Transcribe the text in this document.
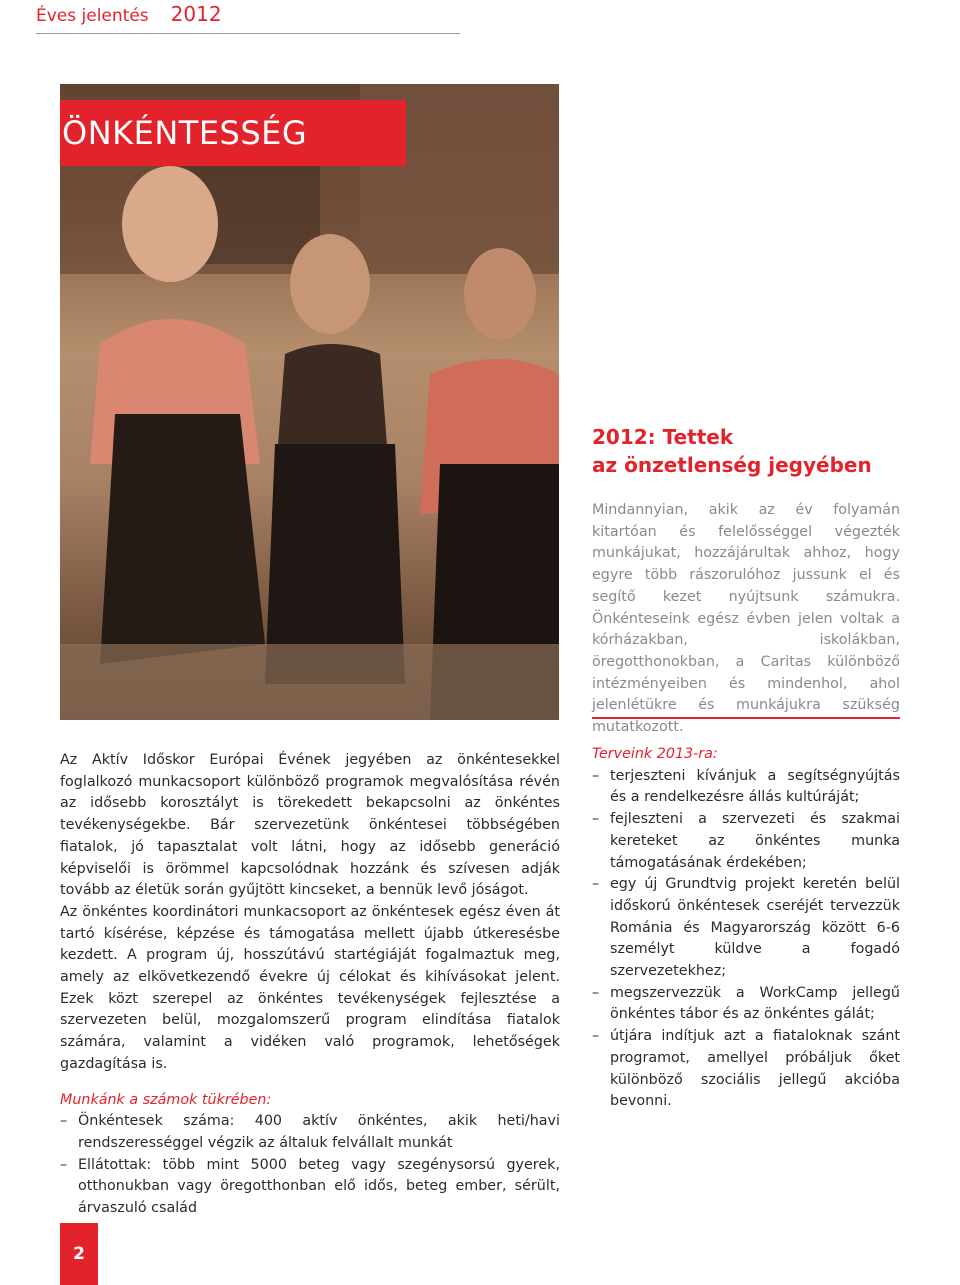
Éves jelentés 2012
ÖNKÉNTESSÉG
2012: Tettek
az önzetlenség jegyében
Mindannyian, akik az év folyamán kitartóan és felelősséggel végezték munkájukat, hozzájárultak ahhoz, hogy egyre több rászorulóhoz jussunk el és segítő kezet nyújtsunk számukra. Önkénteseink egész évben jelen voltak a kórházakban, iskolákban, öregotthonokban, a Caritas különböző intézményeiben és mindenhol, ahol jelenlétükre és munkájukra szükség mutatkozott.

Az Aktív Időskor Európai Évének jegyében az önkéntesekkel foglalkozó munkacsoport különböző programok megvalósítása révén az idősebb korosztályt is törekedett bekapcsolni az önkéntes tevékenységekbe. Bár szervezetünk önkéntesei többségében fiatalok, jó tapasztalat volt látni, hogy az idősebb generáció képviselői is örömmel kapcsolódnak hozzánk és szívesen adják tovább az életük során gyűjtött kincseket, a bennük levő jóságot.

Az önkéntes koordinátori munkacsoport az önkéntesek egész éven át tartó kísérése, képzése és támogatása mellett újabb útkeresésbe kezdett. A program új, hosszútávú startégiáját fogalmaztuk meg, amely az elkövetkezendő évekre új célokat és kihívásokat jelent. Ezek közt szerepel az önkéntes tevékenységek fejlesztése a szervezeten belül, mozgalomszerű program elindítása fiatalok számára, valamint a vidéken való programok, lehetőségek gazdagítása is.

Munkánk a számok tükrében:

– Önkéntesek száma: 400 aktív önkéntes, akik heti/havi rendszerességgel végzik az általuk felvállalt munkát
– Ellátottak: több mint 5000 beteg vagy szegénysorsú gyerek, otthonukban vagy öregotthonban elő idős, beteg ember, sérült, árvaszuló család
Terveink 2013-ra:
– terjeszteni kívánjuk a segítségnyújtás és a rendelkezésre állás kultúráját;
– fejleszteni a szervezeti és szakmai kereteket az önkéntes munka támogatásának érdekében;
– egy új Grundtvig projekt keretén belül időskorú önkéntesek cseréjét tervezzük Románia és Magyarország között 6-6 személyt küldve a fogadó szervezetekhez;
– megszervezzük a WorkCamp jellegű önkéntes tábor és az önkéntes gálát;
– útjára indítjuk azt a fiataloknak szánt programot, amellyel próbáljuk őket különböző szociális jellegű akcióba bevonni.
2
